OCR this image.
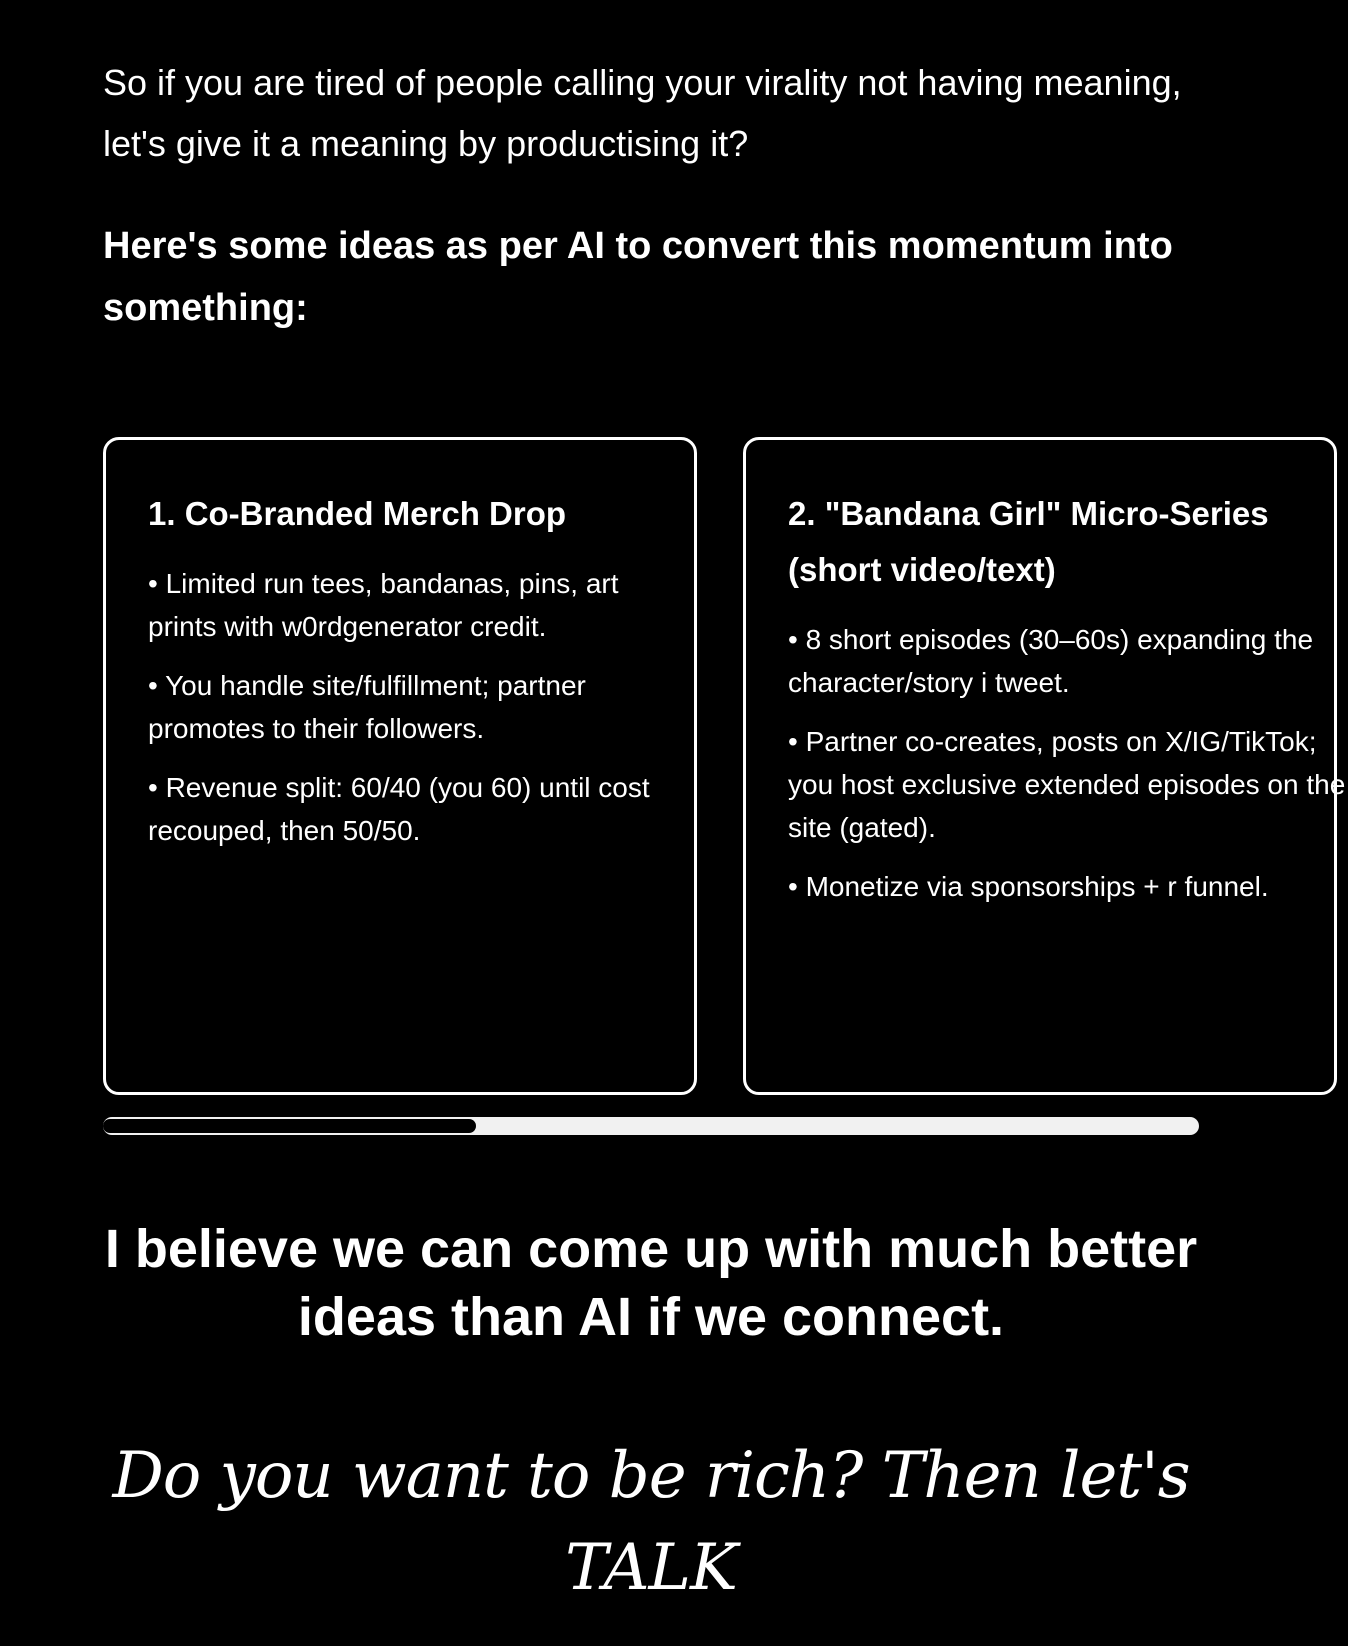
So if you are tired of people calling your virality not having meaning, let's give it a meaning by productising it?

Here's some ideas as per AI to convert this momentum into something:
1. Co-Branded Merch Drop

• Limited run tees, bandanas, pins, art prints with w0rdgenerator credit.

• You handle site/fulfillment; partner promotes to their followers.

• Revenue split: 60/40 (you 60) until cost recouped, then 50/50.

2. "Bandana Girl" Micro-Series (short video/text)

• 8 short episodes (30–60s) expanding the character/story i tweet.

• Partner co-creates, posts on X/IG/TikTok; you host exclusive extended episodes on the site (gated).

• Monetize via sponsorships + r funnel.

I believe we can come up with much better ideas than AI if we connect.

Do you want to be rich? Then let's TALK
